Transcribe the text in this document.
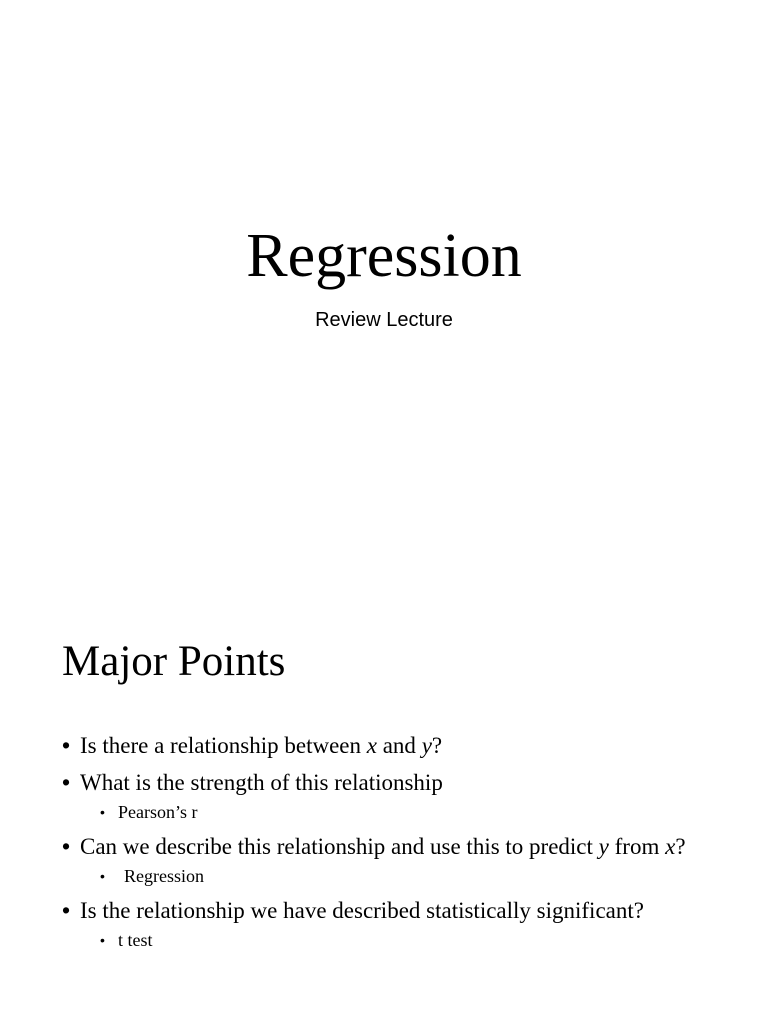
Regression
Review Lecture
Major Points
• Is there a relationship between x and y?
• What is the strength of this relationship
• Pearson’s r
• Can we describe this relationship and use this to predict y from x?
• Regression
• Is the relationship we have described statistically significant?
• t test
